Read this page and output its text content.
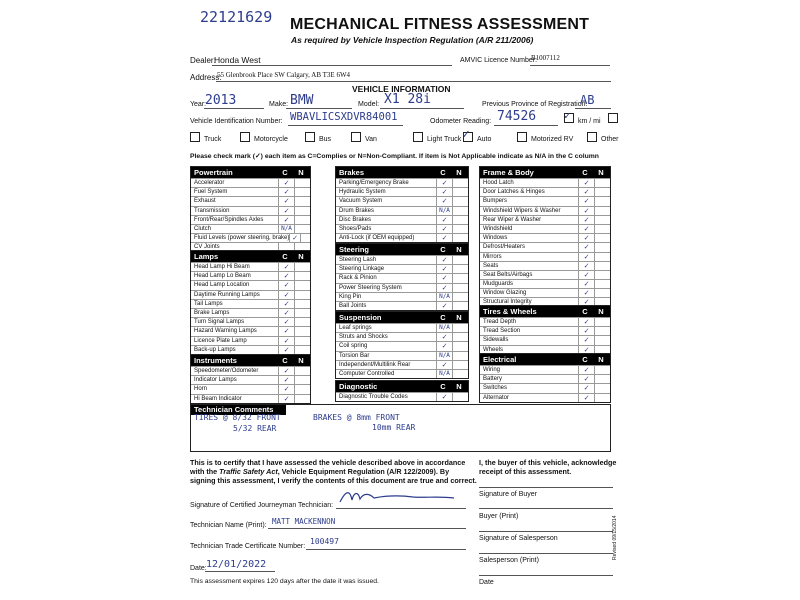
22121629 MECHANICAL FITNESS ASSESSMENT
As required by Vehicle Inspection Regulation (A/R 211/2006)
Dealer:
Honda West	AMVIC Licence Number:
B1007112
Address:
55 Glenbrook Place SW Calgary, AB T3E 6W4
VEHICLE INFORMATION
Year:
2013	Make: BMW	Model: X1 28i	Previous Province of Registration:
AB
Vehicle Identification Number: WBAVLICSXDVR84001	Odometer Reading: 74526	✓ km / mi
Truck	Motorcycle	Bus	Van	Light Truck ✓ Auto	Motorized RV	Other
Please check mark (✓) each item as C=Complies or N=Non-Compliant. If item is Not Applicable indicate as N/A in the C column
Powertrain	C	N
Accelerator	✓
Fuel System	✓
Exhaust	✓
Transmission	✓
Front/Rear/Spindles Axles	✓
Clutch	N/A
Fluid Levels (power steering, brake) ✓
CV Joints
Lamps	C	N
Head Lamp Hi Beam	✓
Head Lamp Lo Beam	✓
Head Lamp Location	✓
Daytime Running Lamps	✓
Tail Lamps	✓
Brake Lamps	✓
Turn Signal Lamps	✓
Hazard Warning Lamps	✓
Licence Plate Lamp	✓
Back-up Lamps	✓
Instruments	C	N
Speedometer/Odometer	✓
Indicator Lamps	✓
Horn	✓
Hi Beam Indicator	✓
Brakes	C	N
Parking/Emergency Brake	✓
Hydraulic System	✓
Vacuum System	✓
Drum Brakes	N/A
Disc Brakes	✓
Shoes/Pads	✓
Anti-Lock (if OEM equipped)	✓
Steering	C	N
Steering Lash	✓
Steering Linkage	✓
Rack & Pinion	✓
Power Steering System	✓
King Pin	N/A
Ball Joints	✓
Suspension	C	N
Leaf springs	N/A
Struts and Shocks	✓
Coil spring	✓
Torsion Bar	N/A
Independent/Multilink Rear	✓
Computer Controlled	N/A
Diagnostic	C	N
Diagnostic Trouble Codes	✓
Frame & Body	C	N
Hood Latch	✓
Door Latches & Hinges	✓
Bumpers	✓
Windshield Wipers & Washer	✓
Rear Wiper & Washer	✓
Windshield	✓
Windows	✓
Defrost/Heaters	✓
Mirrors	✓
Seats	✓
Seat Belts/Airbags	✓
Mudguards	✓
Window Glazing	✓
Structural Integrity	✓
Tires & Wheels	C	N
Tread Depth	✓
Tread Section	✓
Sidewalls	✓
Wheels	✓
Electrical	C	N
Wiring	✓
Battery	✓
Switches	✓
Alternator	✓
Technician Comments
TIRES @ 8/32 FRONT
5/32 REAR
BRAKES @ 8mm FRONT
10mm REAR
This is to certify that I have assessed the vehicle described above in accordance
with the Traffic Safety Act, Vehicle Equipment Regulation (A/R 122/2009). By
signing this assessment, I verify the contents of this document are true and correct.
Signature of Certified Journeyman Technician:
Technician Name (Print): MATT MACKENNON
Technician Trade Certificate Number:
100497
Date: 12/01/2022
This assessment expires 120 days after the date it was issued.
I, the buyer of this vehicle, acknowledge
receipt of this assessment.
Signature of Buyer
Buyer (Print)
Signature of Salesperson
Salesperson (Print)
Date
Revised 09/15/2014
